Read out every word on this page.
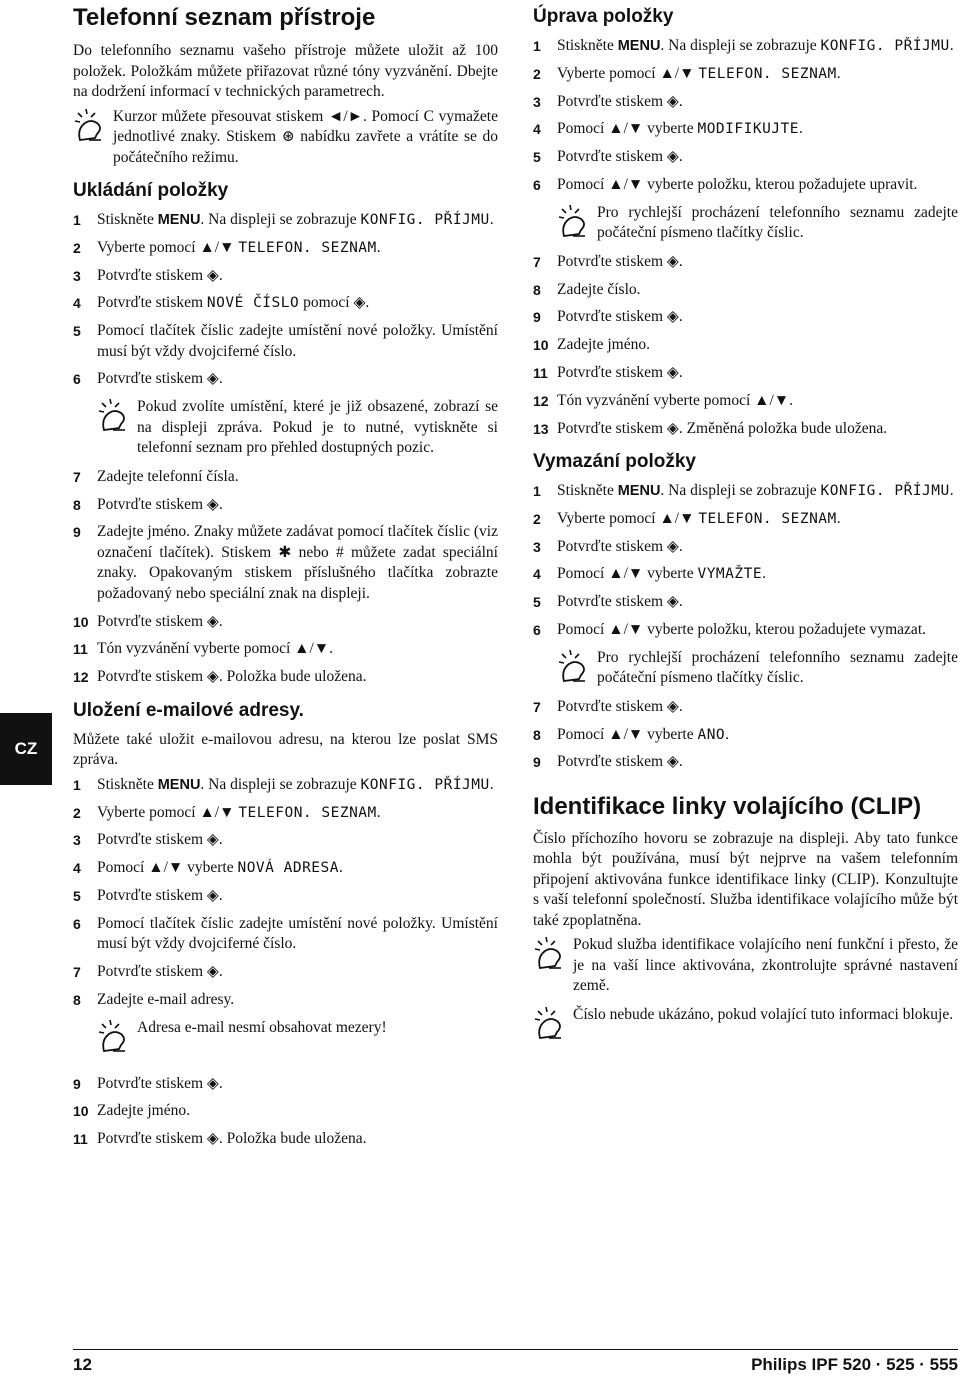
CZ
Telefonní seznam přístroje
Do telefonního seznamu vašeho přístroje můžete uložit až 100 položek. Položkám můžete přiřazovat různé tóny vyzvánění. Dbejte na dodržení informací v technických parametrech.
Kurzor můžete přesouvat stiskem ◄/►. Pomocí C vymažete jednotlivé znaky. Stiskem ⊛ nabídku zavřete a vrátíte se do počátečního režimu.
Ukládání položky
1	Stiskněte MENU. Na displeji se zobrazuje KONFIG. PŘÍJMU.
2	Vyberte pomocí ▲/▼ TELEFON. SEZNAM.
3	Potvrďte stiskem ◈.
4	Potvrďte stiskem NOVÉ ČÍSLO pomocí ◈.
5	Pomocí tlačítek číslic zadejte umístění nové položky. Umístění musí být vždy dvojciferné číslo.
6	Potvrďte stiskem ◈.
Pokud zvolíte umístění, které je již obsazené, zobrazí se na displeji zpráva. Pokud je to nutné, vytiskněte si telefonní seznam pro přehled dostupných pozic.
7	Zadejte telefonní čísla.
8	Potvrďte stiskem ◈.
9	Zadejte jméno. Znaky můžete zadávat pomocí tlačítek číslic (viz označení tlačítek). Stiskem ✱ nebo # můžete zadat speciální znaky. Opakovaným stiskem příslušného tlačítka zobrazte požadovaný nebo speciální znak na displeji.
10 Potvrďte stiskem ◈.
11 Tón vyzvánění vyberte pomocí ▲/▼.
12 Potvrďte stiskem ◈. Položka bude uložena.
Uložení e-mailové adresy.
Můžete také uložit e-mailovou adresu, na kterou lze poslat SMS zpráva.
1	Stiskněte MENU. Na displeji se zobrazuje KONFIG. PŘÍJMU.
2	Vyberte pomocí ▲/▼ TELEFON. SEZNAM.
3	Potvrďte stiskem ◈.
4	Pomocí ▲/▼ vyberte NOVÁ ADRESA.
5	Potvrďte stiskem ◈.
6	Pomocí tlačítek číslic zadejte umístění nové položky. Umístění musí být vždy dvojciferné číslo.
7	Potvrďte stiskem ◈.
8	Zadejte e-mail adresy.
Adresa e-mail nesmí obsahovat mezery!
9	Potvrďte stiskem ◈.
10 Zadejte jméno.
11 Potvrďte stiskem ◈. Položka bude uložena.
Úprava položky
1	Stiskněte MENU. Na displeji se zobrazuje KONFIG. PŘÍJMU.
2	Vyberte pomocí ▲/▼ TELEFON. SEZNAM.
3	Potvrďte stiskem ◈.
4	Pomocí ▲/▼ vyberte MODIFIKUJTE.
5	Potvrďte stiskem ◈.
6	Pomocí ▲/▼ vyberte položku, kterou požadujete upravit.
Pro rychlejší procházení telefonního seznamu zadejte počáteční písmeno tlačítky číslic.
7	Potvrďte stiskem ◈.
8	Zadejte číslo.
9	Potvrďte stiskem ◈.
10 Zadejte jméno.
11 Potvrďte stiskem ◈.
12 Tón vyzvánění vyberte pomocí ▲/▼.
13 Potvrďte stiskem ◈. Změněná položka bude uložena.
Vymazání položky
1	Stiskněte MENU. Na displeji se zobrazuje KONFIG. PŘÍJMU.
2	Vyberte pomocí ▲/▼ TELEFON. SEZNAM.
3	Potvrďte stiskem ◈.
4	Pomocí ▲/▼ vyberte VYMAŽTE.
5	Potvrďte stiskem ◈.
6	Pomocí ▲/▼ vyberte položku, kterou požadujete vymazat.
Pro rychlejší procházení telefonního seznamu zadejte počáteční písmeno tlačítky číslic.
7	Potvrďte stiskem ◈.
8	Pomocí ▲/▼ vyberte ANO.
9	Potvrďte stiskem ◈.
Identifikace linky volajícího (CLIP)
Číslo příchozího hovoru se zobrazuje na displeji. Aby tato funkce mohla být používána, musí být nejprve na vašem telefonním připojení aktivována funkce identifikace linky (CLIP). Konzultujte s vaší telefonní společností. Služba identifikace volajícího může být také zpoplatněna.
Pokud služba identifikace volajícího není funkční i přesto, že je na vaší lince aktivována, zkontrolujte správné nastavení země.
Číslo nebude ukázáno, pokud volající tuto informaci blokuje.
12	Philips IPF 520 · 525 · 555
